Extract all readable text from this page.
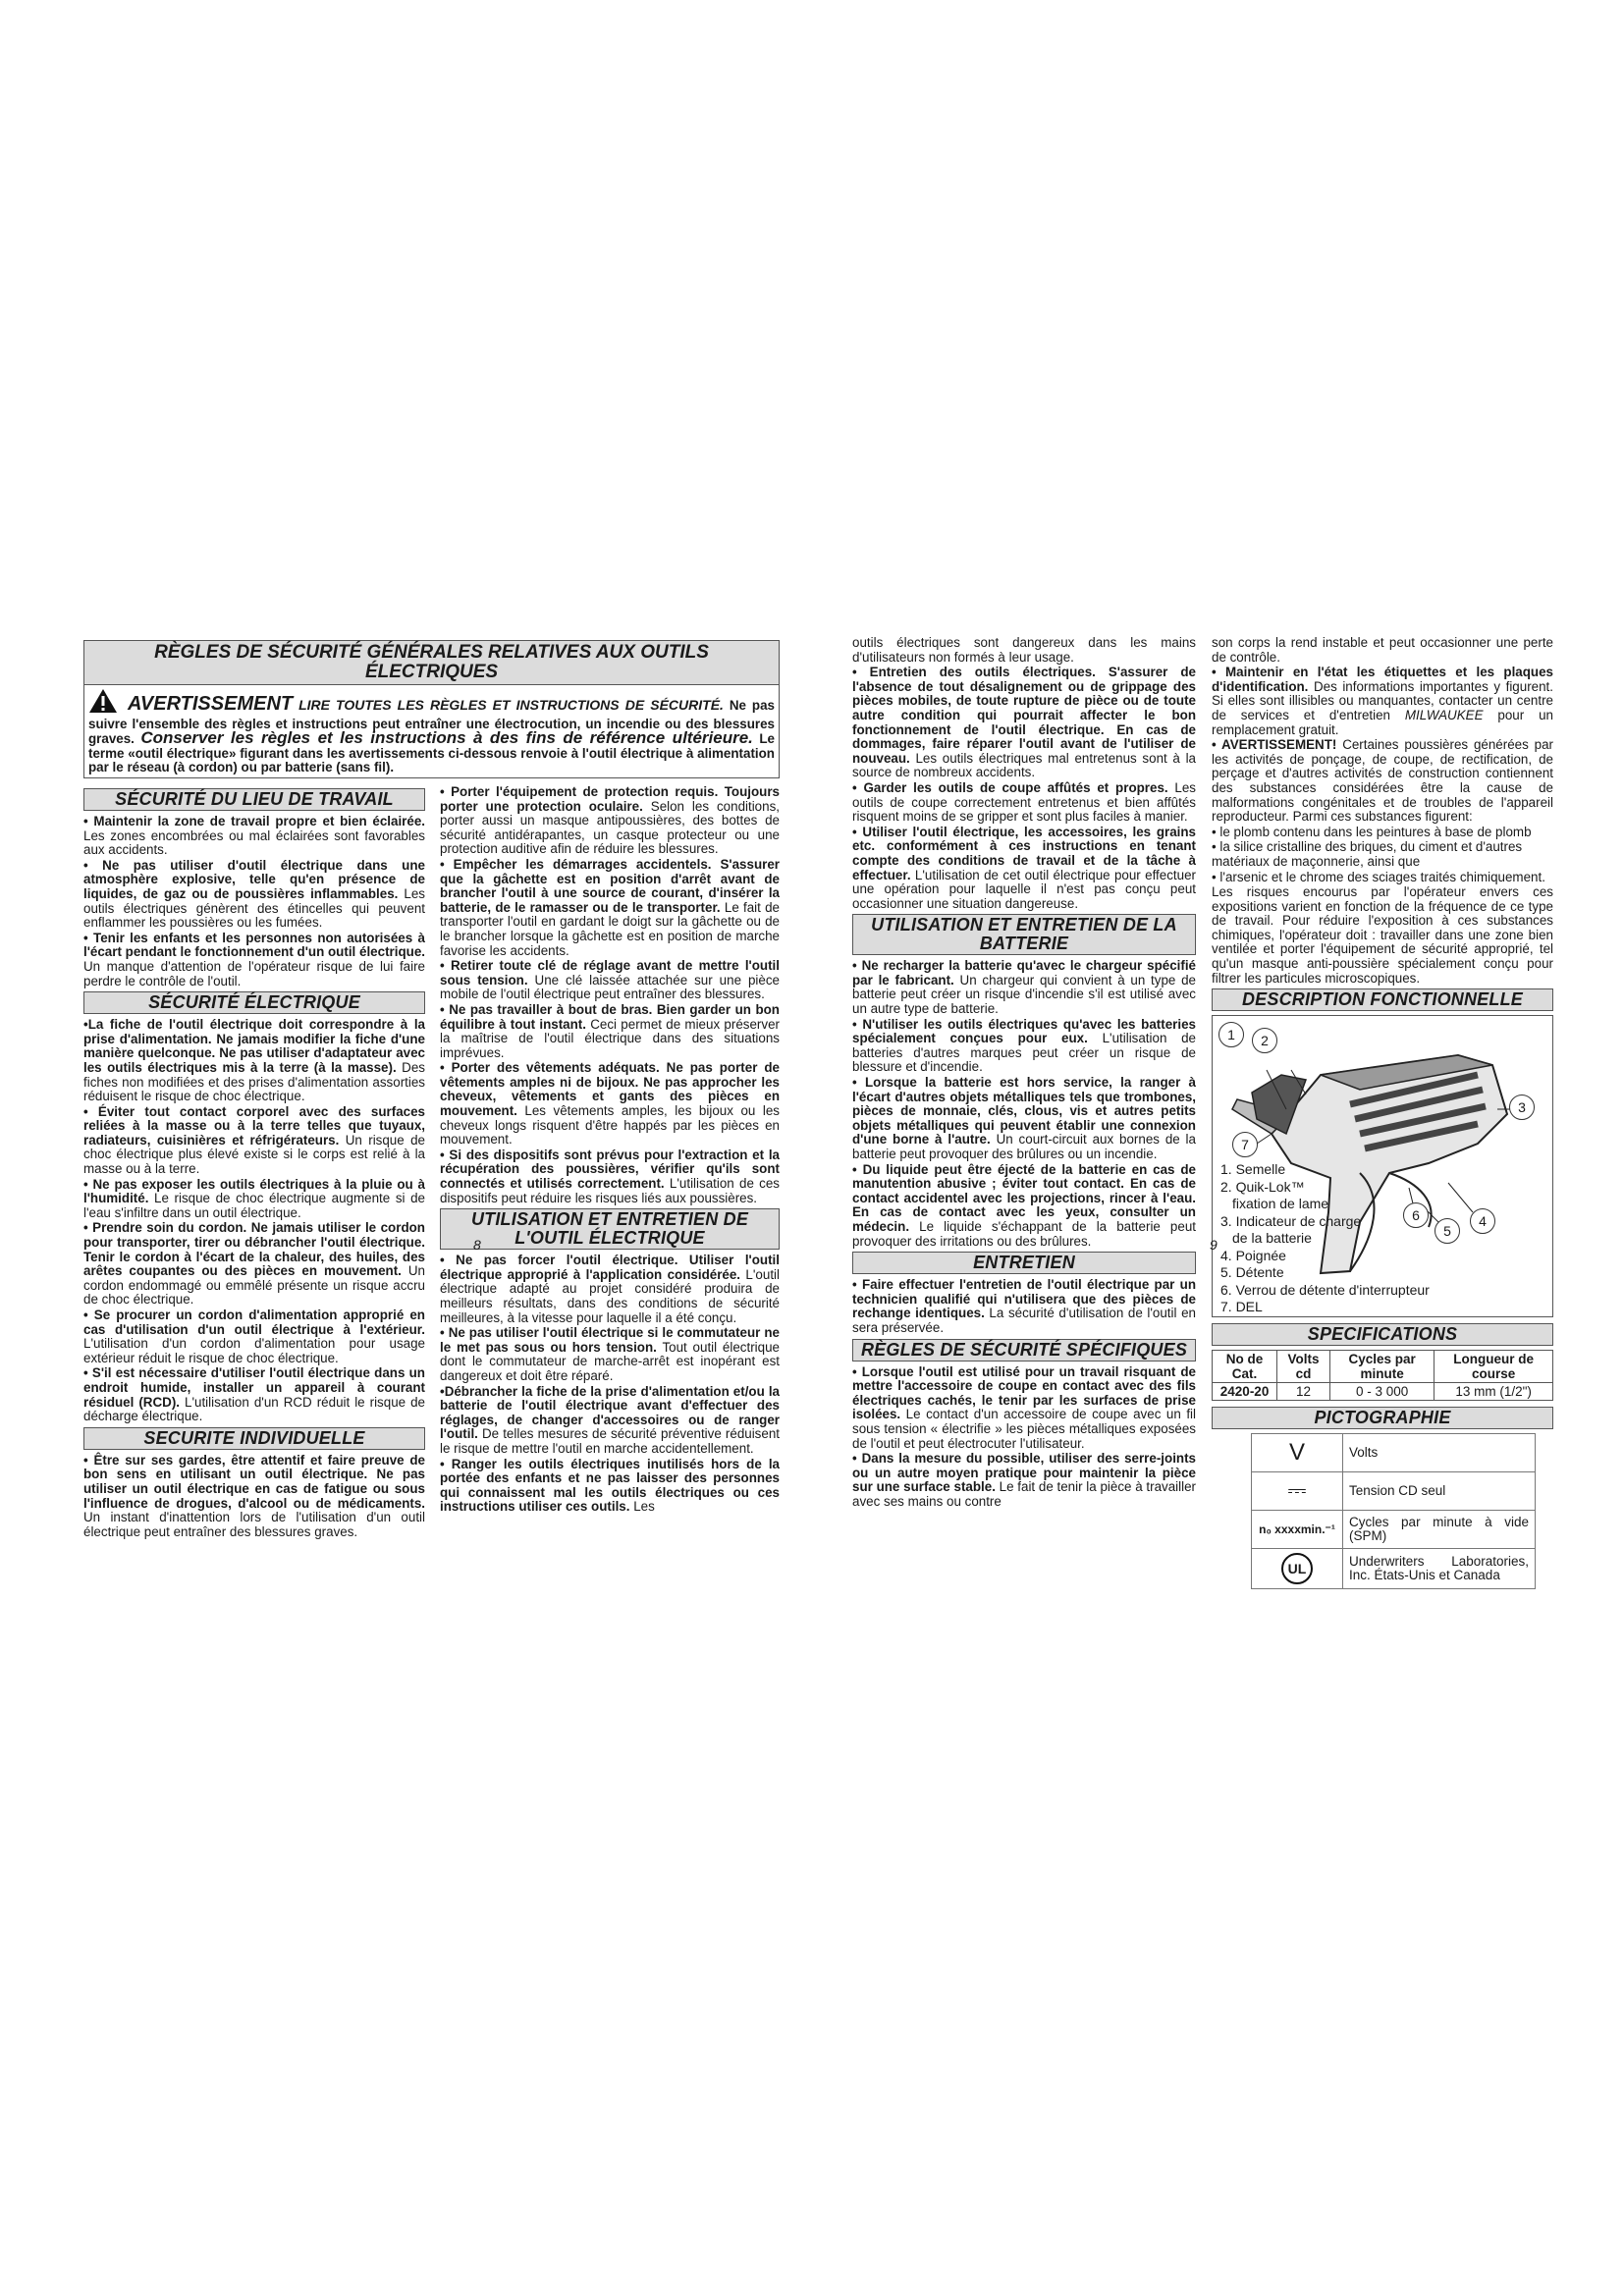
RÈGLES DE SÉCURITÉ GÉNÉRALES RELATIVES AUX OUTILS ÉLECTRIQUES
AVERTISSEMENT LIRE TOUTES LES RÈGLES ET INSTRUCTIONS DE SÉCURITÉ. Ne pas suivre l'ensemble des règles et instructions peut entraîner une électrocution, un incendie ou des blessures graves. Conserver les règles et les instructions à des fins de référence ultérieure. Le terme «outil électrique» figurant dans les avertissements ci-dessous renvoie à l'outil électrique à alimentation par le réseau (à cordon) ou par batterie (sans fil).
SÉCURITÉ DU LIEU DE TRAVAIL

• Maintenir la zone de travail propre et bien éclairée. Les zones encombrées ou mal éclairées sont favorables aux accidents.

• Ne pas utiliser d'outil électrique dans une atmosphère explosive, telle qu'en présence de liquides, de gaz ou de poussières inflammables. Les outils électriques génèrent des étincelles qui peuvent enflammer les poussières ou les fumées.

• Tenir les enfants et les personnes non autorisées à l'écart pendant le fonctionnement d'un outil électrique. Un manque d'attention de l'opérateur risque de lui faire perdre le contrôle de l'outil.

SÉCURITÉ ÉLECTRIQUE

•La fiche de l'outil électrique doit correspondre à la prise d'alimentation. Ne jamais modifier la fiche d'une manière quelconque. Ne pas utiliser d'adaptateur avec les outils électriques mis à la terre (à la masse). Des fiches non modifiées et des prises d'alimentation assorties réduisent le risque de choc électrique.

• Éviter tout contact corporel avec des surfaces reliées à la masse ou à la terre telles que tuyaux, radiateurs, cuisinières et réfrigérateurs. Un risque de choc électrique plus élevé existe si le corps est relié à la masse ou à la terre.

• Ne pas exposer les outils électriques à la pluie ou à l'humidité. Le risque de choc électrique augmente si de l'eau s'infiltre dans un outil électrique.

• Prendre soin du cordon. Ne jamais utiliser le cordon pour transporter, tirer ou débrancher l'outil électrique. Tenir le cordon à l'écart de la chaleur, des huiles, des arêtes coupantes ou des pièces en mouvement. Un cordon endommagé ou emmêlé présente un risque accru de choc électrique.

• Se procurer un cordon d'alimentation approprié en cas d'utilisation d'un outil électrique à l'extérieur. L'utilisation d'un cordon d'alimentation pour usage extérieur réduit le risque de choc électrique.

• S'il est nécessaire d'utiliser l'outil électrique dans un endroit humide, installer un appareil à courant résiduel (RCD). L'utilisation d'un RCD réduit le risque de décharge électrique.

SECURITE INDIVIDUELLE

• Être sur ses gardes, être attentif et faire preuve de bon sens en utilisant un outil électrique. Ne pas utiliser un outil électrique en cas de fatigue ou sous l'influence de drogues, d'alcool ou de médicaments. Un instant d'inattention lors de l'utilisation d'un outil électrique peut entraîner des blessures graves.

• Porter l'équipement de protection requis. Toujours porter une protection oculaire. Selon les conditions, porter aussi un masque antipoussières, des bottes de sécurité antidérapantes, un casque protecteur ou une protection auditive afin de réduire les blessures.

• Empêcher les démarrages accidentels. S'assurer que la gâchette est en position d'arrêt avant de brancher l'outil à une source de courant, d'insérer la batterie, de le ramasser ou de le transporter. Le fait de transporter l'outil en gardant le doigt sur la gâchette ou de le brancher lorsque la gâchette est en position de marche favorise les accidents.

• Retirer toute clé de réglage avant de mettre l'outil sous tension. Une clé laissée attachée sur une pièce mobile de l'outil électrique peut entraîner des blessures.

• Ne pas travailler à bout de bras. Bien garder un bon équilibre à tout instant. Ceci permet de mieux préserver la maîtrise de l'outil électrique dans des situations imprévues.

• Porter des vêtements adéquats. Ne pas porter de vêtements amples ni de bijoux. Ne pas approcher les cheveux, vêtements et gants des pièces en mouvement. Les vêtements amples, les bijoux ou les cheveux longs risquent d'être happés par les pièces en mouvement.

• Si des dispositifs sont prévus pour l'extraction et la récupération des poussières, vérifier qu'ils sont connectés et utilisés correctement. L'utilisation de ces dispositifs peut réduire les risques liés aux poussières.

UTILISATION ET ENTRETIEN DE L'OUTIL ÉLECTRIQUE

• Ne pas forcer l'outil électrique. Utiliser l'outil électrique approprié à l'application considérée. L'outil électrique adapté au projet considéré produira de meilleurs résultats, dans des conditions de sécurité meilleures, à la vitesse pour laquelle il a été conçu.

• Ne pas utiliser l'outil électrique si le commutateur ne le met pas sous ou hors tension. Tout outil électrique dont le commutateur de marche-arrêt est inopérant est dangereux et doit être réparé.

•Débrancher la fiche de la prise d'alimentation et/ou la batterie de l'outil électrique avant d'effectuer des réglages, de changer d'accessoires ou de ranger l'outil. De telles mesures de sécurité préventive réduisent le risque de mettre l'outil en marche accidentellement.

• Ranger les outils électriques inutilisés hors de la portée des enfants et ne pas laisser des personnes qui connaissent mal les outils électriques ou ces instructions utiliser ces outils. Les

8

outils électriques sont dangereux dans les mains d'utilisateurs non formés à leur usage.

• Entretien des outils électriques. S'assurer de l'absence de tout désalignement ou de grippage des pièces mobiles, de toute rupture de pièce ou de toute autre condition qui pourrait affecter le bon fonctionnement de l'outil électrique. En cas de dommages, faire réparer l'outil avant de l'utiliser de nouveau. Les outils électriques mal entretenus sont à la source de nombreux accidents.

• Garder les outils de coupe affûtés et propres. Les outils de coupe correctement entretenus et bien affûtés risquent moins de se gripper et sont plus faciles à manier.

• Utiliser l'outil électrique, les accessoires, les grains etc. conformément à ces instructions en tenant compte des conditions de travail et de la tâche à effectuer. L'utilisation de cet outil électrique pour effectuer une opération pour laquelle il n'est pas conçu peut occasionner une situation dangereuse.

UTILISATION ET ENTRETIEN DE LA BATTERIE

• Ne recharger la batterie qu'avec le chargeur spécifié par le fabricant. Un chargeur qui convient à un type de batterie peut créer un risque d'incendie s'il est utilisé avec un autre type de batterie.

• N'utiliser les outils électriques qu'avec les batteries spécialement conçues pour eux. L'utilisation de batteries d'autres marques peut créer un risque de blessure et d'incendie.

• Lorsque la batterie est hors service, la ranger à l'écart d'autres objets métalliques tels que trombones, pièces de monnaie, clés, clous, vis et autres petits objets métalliques qui peuvent établir une connexion d'une borne à l'autre. Un court-circuit aux bornes de la batterie peut provoquer des brûlures ou un incendie.

• Du liquide peut être éjecté de la batterie en cas de manutention abusive ; éviter tout contact. En cas de contact accidentel avec les projections, rincer à l'eau. En cas de contact avec les yeux, consulter un médecin. Le liquide s'échappant de la batterie peut provoquer des irritations ou des brûlures.

ENTRETIEN

• Faire effectuer l'entretien de l'outil électrique par un technicien qualifié qui n'utilisera que des pièces de rechange identiques. La sécurité d'utilisation de l'outil en sera préservée.

RÈGLES DE SÉCURITÉ SPÉCIFIQUES

• Lorsque l'outil est utilisé pour un travail risquant de mettre l'accessoire de coupe en contact avec des fils électriques cachés, le tenir par les surfaces de prise isolées. Le contact d'un accessoire de coupe avec un fil sous tension « électrifie » les pièces métalliques exposées de l'outil et peut électrocuter l'utilisateur.

• Dans la mesure du possible, utiliser des serre-joints ou un autre moyen pratique pour maintenir la pièce sur une surface stable. Le fait de tenir la pièce à travailler avec ses mains ou contre

son corps la rend instable et peut occasionner une perte de contrôle.

• Maintenir en l'état les étiquettes et les plaques d'identification. Des informations importantes y figurent. Si elles sont illisibles ou manquantes, contacter un centre de services et d'entretien MILWAUKEE pour un remplacement gratuit.

• AVERTISSEMENT! Certaines poussières générées par les activités de ponçage, de coupe, de rectification, de perçage et d'autres activités de construction contiennent des substances considérées être la cause de malformations congénitales et de troubles de l'appareil reproducteur. Parmi ces substances figurent:

• le plomb contenu dans les peintures à base de plomb

• la silice cristalline des briques, du ciment et d'autres matériaux de maçonnerie, ainsi que

• l'arsenic et le chrome des sciages traités chimiquement.

Les risques encourus par l'opérateur envers ces expositions varient en fonction de la fréquence de ce type de travail. Pour réduire l'exposition à ces substances chimiques, l'opérateur doit : travailler dans une zone bien ventilée et porter l'équipement de sécurité approprié, tel qu'un masque anti-poussière spécialement conçu pour filtrer les particules microscopiques.

DESCRIPTION FONCTIONNELLE
1	2
3
4
5
6
7
1. Semelle
2. Quik-Lok™
fixation de lame
3. Indicateur de charge
de la batterie
4. Poignée
5. Détente
6. Verrou de détente d'interrupteur
7. DEL
SPECIFICATIONS
No de Cat.	Volts cd	Cycles par minute	Longueur de course
2420-20	12	0 - 3 000	13 mm (1/2")
PICTOGRAPHIE
V	Volts
⎓	Tension CD seul
n₀ xxxxmin.⁻¹	Cycles par minute à vide (SPM)
UL	Underwriters Laboratories, Inc. États-Unis et Canada
9
